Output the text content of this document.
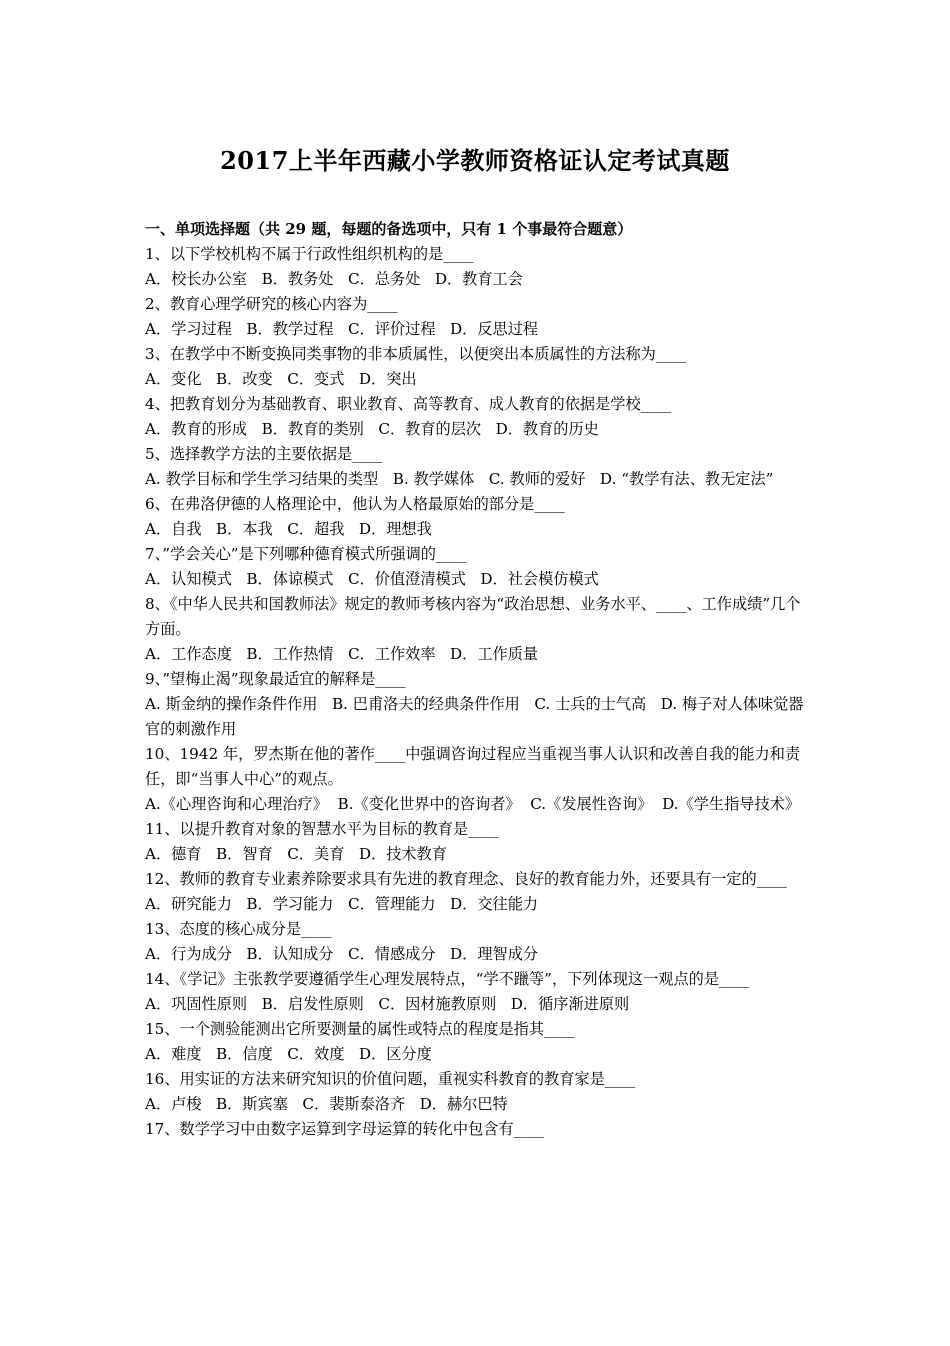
2017上半年西藏小学教师资格证认定考试真题
一、单项选择题（共 29 题，每题的备选项中，只有 1 个事最符合题意）
1、以下学校机构不属于行政性组织机构的是____
A．校长办公室   B．教务处   C．总务处   D．教育工会
2、教育心理学研究的核心内容为____
A．学习过程   B．教学过程   C．评价过程   D．反思过程
3、在教学中不断变换同类事物的非本质属性，以便突出本质属性的方法称为____
A．变化   B．改变   C．变式   D．突出
4、把教育划分为基础教育、职业教育、高等教育、成人教育的依据是学校____
A．教育的形成   B．教育的类别   C．教育的层次   D．教育的历史
5、选择教学方法的主要依据是____
A. 教学目标和学生学习结果的类型   B. 教学媒体   C. 教师的爱好   D. “教学有法、教无定法”
6、在弗洛伊德的人格理论中，他认为人格最原始的部分是____
A．自我   B．本我   C．超我   D．理想我
7、”学会关心”是下列哪种德育模式所强调的____
A．认知模式   B．体谅模式   C．价值澄清模式   D．社会模仿模式
8、《中华人民共和国教师法》规定的教师考核内容为“政治思想、业务水平、____、工作成绩”几个方面。
A．工作态度   B．工作热情   C．工作效率   D．工作质量
9、”望梅止渴”现象最适宜的解释是____
A. 斯金纳的操作条件作用   B. 巴甫洛夫的经典条件作用   C. 士兵的士气高   D. 梅子对人体味觉器官的刺激作用
10、1942 年，罗杰斯在他的著作____中强调咨询过程应当重视当事人认识和改善自我的能力和责任，即“当事人中心”的观点。
A.《心理咨询和心理治疗》  B.《变化世界中的咨询者》  C.《发展性咨询》  D.《学生指导技术》
11、以提升教育对象的智慧水平为目标的教育是____
A．德育   B．智育   C．美育   D．技术教育
12、教师的教育专业素养除要求具有先进的教育理念、良好的教育能力外，还要具有一定的____
A．研究能力   B．学习能力   C．管理能力   D．交往能力
13、态度的核心成分是____
A．行为成分   B．认知成分   C．情感成分   D．理智成分
14、《学记》主张教学要遵循学生心理发展特点，“学不躐等”，下列体现这一观点的是____
A．巩固性原则   B．启发性原则   C．因材施教原则   D．循序渐进原则
15、一个测验能测出它所要测量的属性或特点的程度是指其____
A．难度   B．信度   C．效度   D．区分度
16、用实证的方法来研究知识的价值问题，重视实科教育的教育家是____
A．卢梭   B．斯宾塞   C．裴斯泰洛齐   D．赫尔巴特
17、数学学习中由数字运算到字母运算的转化中包含有____
